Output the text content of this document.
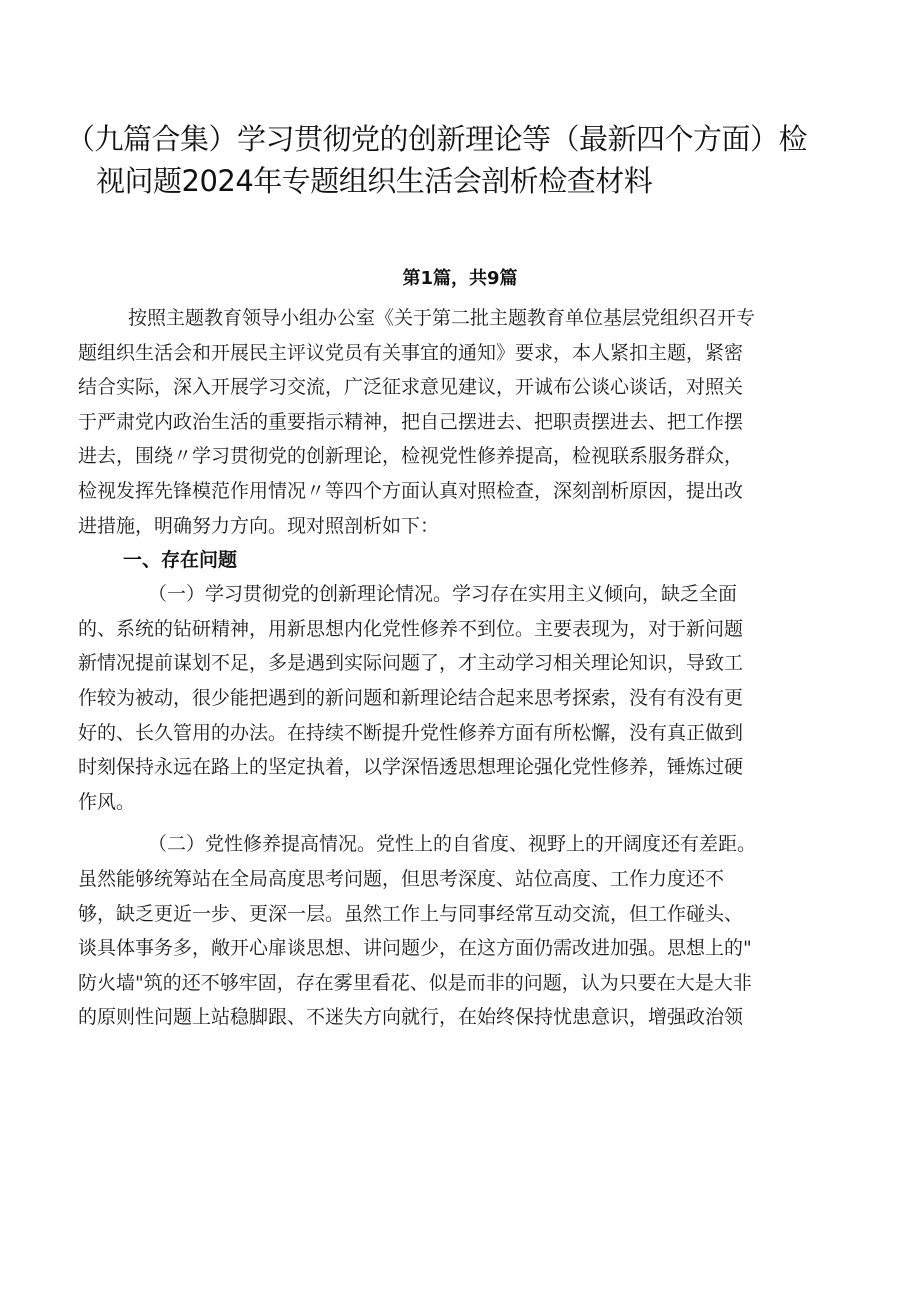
（九篇合集）学习贯彻党的创新理论等（最新四个方面）检
视问题2024年专题组织生活会剖析检查材料
第1篇，共9篇
按照主题教育领导小组办公室《关于第二批主题教育单位基层党组织召开专
题组织生活会和开展民主评议党员有关事宜的通知》要求，本人紧扣主题，紧密
结合实际，深入开展学习交流，广泛征求意见建议，开诚布公谈心谈话，对照关
于严肃党内政治生活的重要指示精神，把自己摆进去、把职责摆进去、把工作摆
进去，围绕〃学习贯彻党的创新理论，检视党性修养提高，检视联系服务群众，
检视发挥先锋模范作用情况〃等四个方面认真对照检查，深刻剖析原因，提出改
进措施，明确努力方向。现对照剖析如下：
一、存在问题
（一）学习贯彻党的创新理论情况。学习存在实用主义倾向，缺乏全面
的、系统的钻研精神，用新思想内化党性修养不到位。主要表现为，对于新问题
新情况提前谋划不足，多是遇到实际问题了，才主动学习相关理论知识，导致工
作较为被动，很少能把遇到的新问题和新理论结合起来思考探索，没有有没有更
好的、长久管用的办法。在持续不断提升党性修养方面有所松懈，没有真正做到
时刻保持永远在路上的坚定执着，以学深悟透思想理论强化党性修养，锤炼过硬
作风。
（二）党性修养提高情况。党性上的自省度、视野上的开阔度还有差距。
虽然能够统筹站在全局高度思考问题，但思考深度、站位高度、工作力度还不
够，缺乏更近一步、更深一层。虽然工作上与同事经常互动交流，但工作碰头、
谈具体事务多，敞开心扉谈思想、讲问题少，在这方面仍需改进加强。思想上的"
防火墙"筑的还不够牢固，存在雾里看花、似是而非的问题，认为只要在大是大非
的原则性问题上站稳脚跟、不迷失方向就行，在始终保持忧患意识，增强政治领
